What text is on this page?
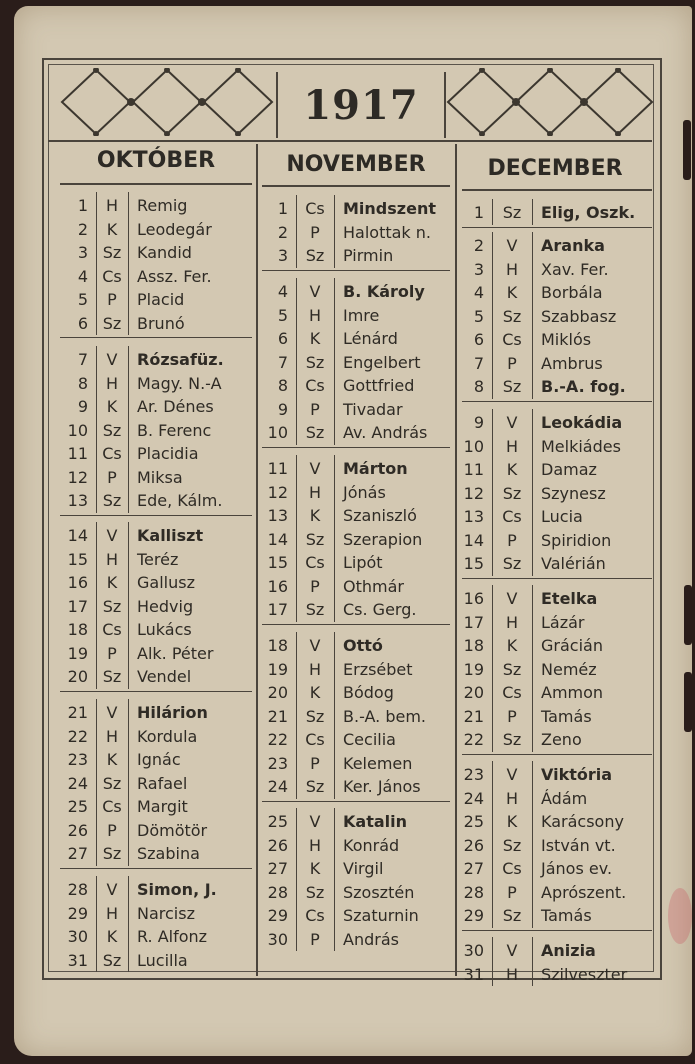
1917
OKTÓBER	NOVEMBER	DECEMBER
1	H	Remig
2	K	Leodegár
3 Sz Kandid
4 Cs Assz. Fer.
5	P	Placid
6 Sz Brunó
7	V	Rózsafüz.
8	H	Magy. N.-A
9	K	Ar. Dénes
10 Sz B. Ferenc
11 Cs Placidia
12	P	Miksa
13 Sz Ede, Kálm.
14	V	Kalliszt
15	H	Teréz
16	K	Gallusz
17 Sz Hedvig
18 Cs Lukács
19	P	Alk. Péter
20 Sz Vendel
21	V	Hilárion
22	H	Kordula
23	K	Ignác
24 Sz Rafael
25 Cs Margit
26	P	Dömötör
27 Sz Szabina
28	V	Simon, J.
29	H	Narcisz
30	K	R. Alfonz
31 Sz Lucilla
1	Cs	Mindszent
2	P	Halottak n.
3	Sz	Pirmin
4	V	B. Károly
5	H	Imre
6	K	Lénárd
7	Sz	Engelbert
8	Cs	Gottfried
9	P	Tivadar
10	Sz	Av. András
11	V	Márton
12	H	Jónás
13	K	Szaniszló
14	Sz	Szerapion
15	Cs	Lipót
16	P	Othmár
17	Sz	Cs. Gerg.
18	V	Ottó
19	H	Erzsébet
20	K	Bódog
21	Sz	B.-A. bem.
22	Cs	Cecilia
23	P	Kelemen
24	Sz	Ker. János
25	V	Katalin
26	H	Konrád
27	K	Virgil
28	Sz	Szosztén
29	Cs	Szaturnin
30	P	András
1	Sz	Elig, Oszk.
2	V	Aranka
3	H	Xav. Fer.
4	K	Borbála
5	Sz	Szabbasz
6	Cs	Miklós
7	P	Ambrus
8	Sz	B.-A. fog.
9	V	Leokádia
10	H	Melkiádes
11	K	Damaz
12	Sz	Szynesz
13	Cs	Lucia
14	P	Spiridion
15	Sz	Valérián
16	V	Etelka
17	H	Lázár
18	K	Grácián
19	Sz	Neméz
20	Cs	Ammon
21	P	Tamás
22	Sz	Zeno
23	V	Viktória
24	H	Ádám
25	K	Karácsony
26	Sz	István vt.
27	Cs	János ev.
28	P	Aprószent.
29	Sz	Tamás
30	V	Anizia
31	H	Szilveszter
